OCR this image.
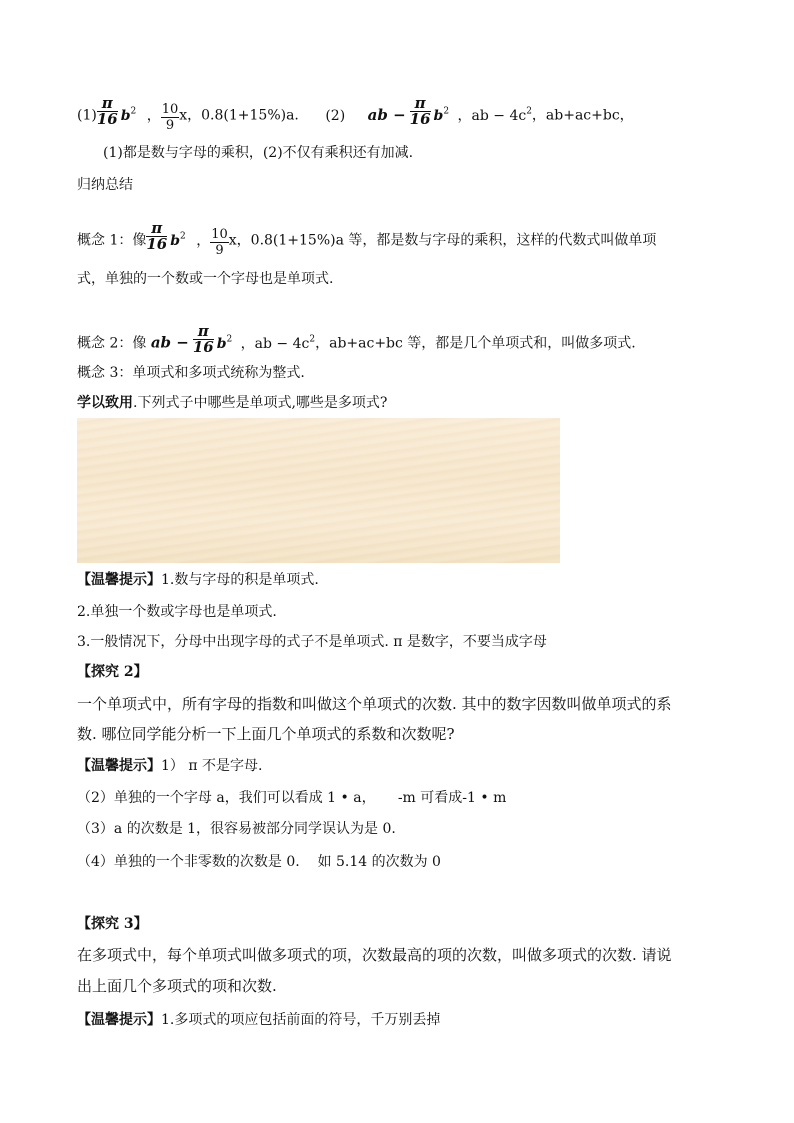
$(1) \frac{\pi}{16} b^2$ ， $\frac{10}{9}$ x，0.8(1+15%)a. (2) ab − $\frac{\pi}{16} b^2$ ，ab − $4c^2$，ab+ac+bc，
(1)都是数与字母的乘积，(2)不仅有乘积还有加减.
归纳总结
概念 1：像 $\frac{\pi}{16} b^2$ ， $\frac{10}{9}$ x，0.8(1+15%)a 等，都是数与字母的乘积，这样的代数式叫做单项
式，单独的一个数或一个字母也是单项式.
概念 2：像 ab − $\frac{\pi}{16} b^2$ ，ab − $4c^2$，ab+ac+bc 等，都是几个单项式和，叫做多项式.
概念 3：单项式和多项式统称为整式.
学以致用.下列式子中哪些是单项式,哪些是多项式?
【温馨提示】1.数与字母的积是单项式.
2.单独一个数或字母也是单项式.
3.一般情况下，分母中出现字母的式子不是单项式. π 是数字，不要当成字母
【探究 2】
一个单项式中，所有字母的指数和叫做这个单项式的次数. 其中的数字因数叫做单项式的系
数. 哪位同学能分析一下上面几个单项式的系数和次数呢?
【温馨提示】1） π 不是字母.
（2）单独的一个字母 a，我们可以看成 1 • a，     -m 可看成-1 • m
（3）a 的次数是 1，很容易被部分同学误认为是 0.
（4）单独的一个非零数的次数是 0.    如 5.14 的次数为 0
【探究 3】
在多项式中，每个单项式叫做多项式的项，次数最高的项的次数，叫做多项式的次数. 请说
出上面几个多项式的项和次数.
【温馨提示】1.多项式的项应包括前面的符号，千万别丢掉
